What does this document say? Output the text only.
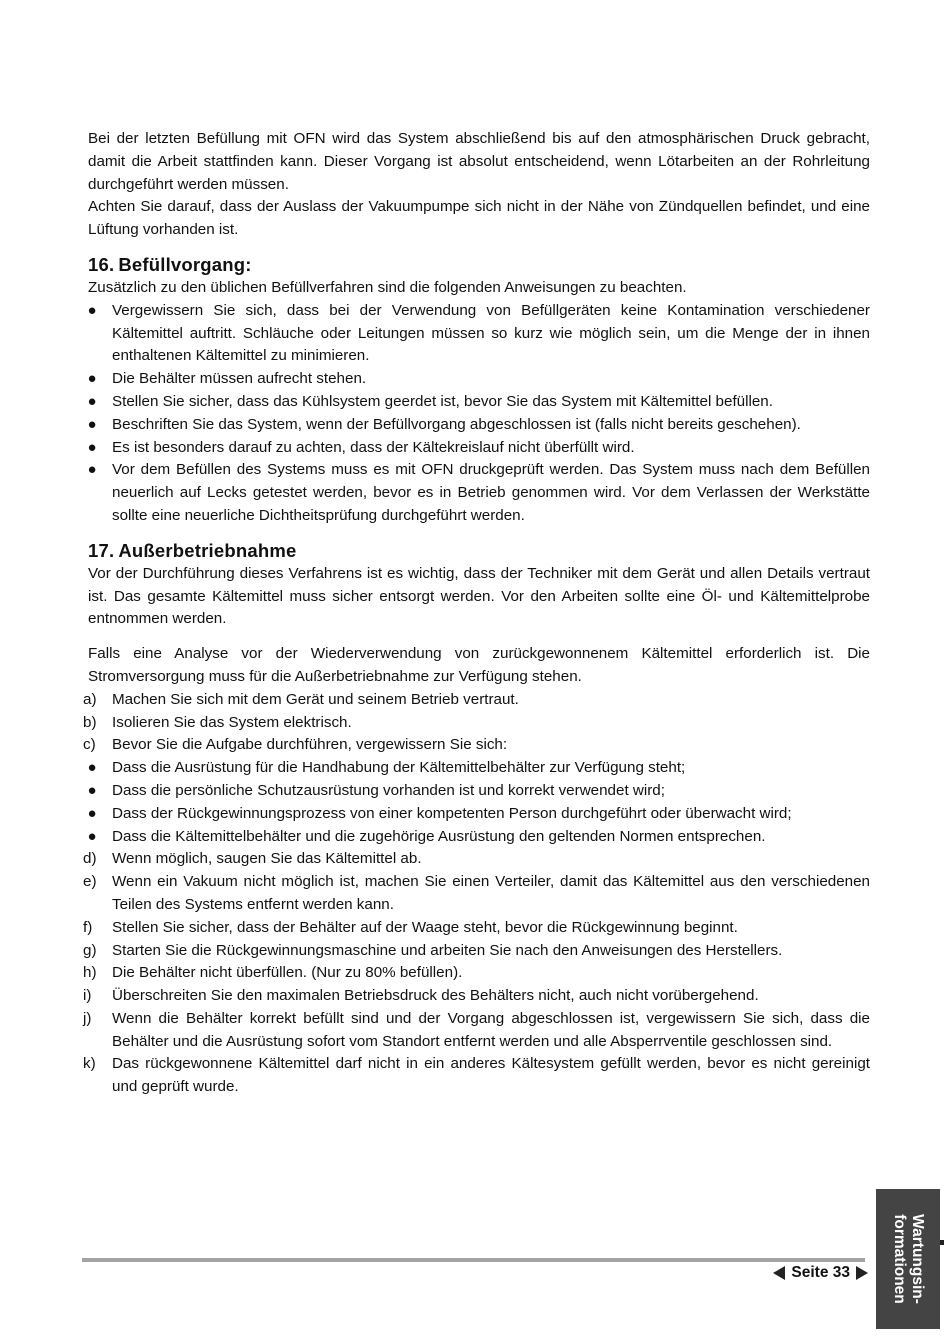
Bei der letzten Befüllung mit OFN wird das System abschließend bis auf den atmosphärischen Druck gebracht, damit die Arbeit stattfinden kann. Dieser Vorgang ist absolut entscheidend, wenn Lötarbeiten an der Rohrleitung durchgeführt werden müssen.

Achten Sie darauf, dass der Auslass der Vakuumpumpe sich nicht in der Nähe von Zündquellen befindet, und eine Lüftung vorhanden ist.

16. Befüllvorgang:

Zusätzlich zu den üblichen Befüllverfahren sind die folgenden Anweisungen zu beachten.

● Vergewissern Sie sich, dass bei der Verwendung von Befüllgeräten keine Kontamination verschiedener Kältemittel auftritt. Schläuche oder Leitungen müssen so kurz wie möglich sein, um die Menge der in ihnen enthaltenen Kältemittel zu minimieren.
● Die Behälter müssen aufrecht stehen.
● Stellen Sie sicher, dass das Kühlsystem geerdet ist, bevor Sie das System mit Kältemittel befüllen.
● Beschriften Sie das System, wenn der Befüllvorgang abgeschlossen ist (falls nicht bereits geschehen).
● Es ist besonders darauf zu achten, dass der Kältekreislauf nicht überfüllt wird.
● Vor dem Befüllen des Systems muss es mit OFN druckgeprüft werden. Das System muss nach dem Befüllen neuerlich auf Lecks getestet werden, bevor es in Betrieb genommen wird. Vor dem Verlassen der Werkstätte sollte eine neuerliche Dichtheitsprüfung durchgeführt werden.
17. Außerbetriebnahme

Vor der Durchführung dieses Verfahrens ist es wichtig, dass der Techniker mit dem Gerät und allen Details vertraut ist. Das gesamte Kältemittel muss sicher entsorgt werden. Vor den Arbeiten sollte eine Öl- und Kältemittelprobe entnommen werden.

Falls eine Analyse vor der Wiederverwendung von zurückgewonnenem Kältemittel erforderlich ist. Die Stromversorgung muss für die Außerbetriebnahme zur Verfügung stehen.

a) Machen Sie sich mit dem Gerät und seinem Betrieb vertraut.
b) Isolieren Sie das System elektrisch.
c) Bevor Sie die Aufgabe durchführen, vergewissern Sie sich:
● Dass die Ausrüstung für die Handhabung der Kältemittelbehälter zur Verfügung steht;
● Dass die persönliche Schutzausrüstung vorhanden ist und korrekt verwendet wird;
● Dass der Rückgewinnungsprozess von einer kompetenten Person durchgeführt oder überwacht wird;
● Dass die Kältemittelbehälter und die zugehörige Ausrüstung den geltenden Normen entsprechen.
d) Wenn möglich, saugen Sie das Kältemittel ab.
e) Wenn ein Vakuum nicht möglich ist, machen Sie einen Verteiler, damit das Kältemittel aus den verschiedenen Teilen des Systems entfernt werden kann.
f) Stellen Sie sicher, dass der Behälter auf der Waage steht, bevor die Rückgewinnung beginnt.
g) Starten Sie die Rückgewinnungsmaschine und arbeiten Sie nach den Anweisungen des Herstellers.
h) Die Behälter nicht überfüllen. (Nur zu 80% befüllen).
i) Überschreiten Sie den maximalen Betriebsdruck des Behälters nicht, auch nicht vorübergehend.
j) Wenn die Behälter korrekt befüllt sind und der Vorgang abgeschlossen ist, vergewissern Sie sich, dass die Behälter und die Ausrüstung sofort vom Standort entfernt werden und alle Absperrventile geschlossen sind.
k) Das rückgewonnene Kältemittel darf nicht in ein anderes Kältesystem gefüllt werden, bevor es nicht gereinigt und geprüft wurde.
Seite 33	Wartungsin-
formationen
